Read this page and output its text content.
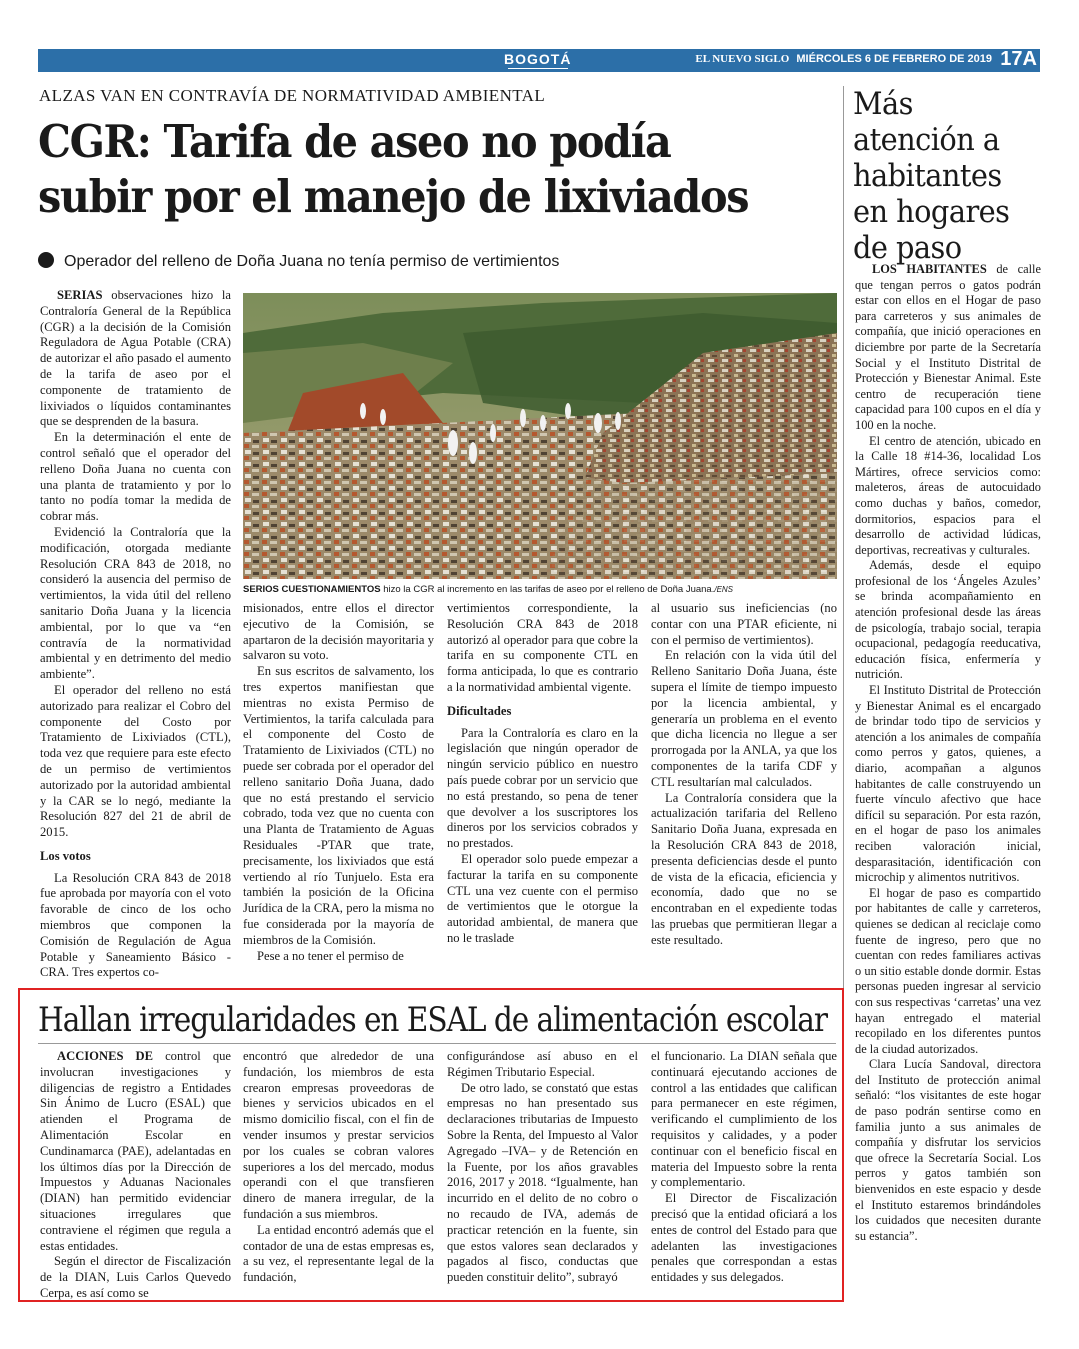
BOGOTÁ	EL NUEVO SIGLO MIÉRCOLES 6 DE FEBRERO DE 2019 17A
ALZAS VAN EN CONTRAVÍA DE NORMATIVIDAD AMBIENTAL
CGR: Tarifa de aseo no podía subir por el manejo de lixiviados
Operador del relleno de Doña Juana no tenía permiso de vertimientos

SERIAS observaciones hizo la Contraloría General de la República (CGR) a la decisión de la Comisión Reguladora de Agua Potable (CRA) de autorizar el año pasado el aumento de la tarifa de aseo por el componente de tratamiento de lixiviados o líquidos contaminantes que se desprenden de la basura.

En la determinación el ente de control señaló que el operador del relleno Doña Juana no cuenta con una planta de tratamiento y por lo tanto no podía tomar la medida de cobrar más.

Evidenció la Contraloría que la modificación, otorgada mediante Resolución CRA 843 de 2018, no consideró la ausencia del permiso de vertimientos, la vida útil del relleno sanitario Doña Juana y la licencia ambiental, por lo que va “en contravía de la normatividad ambiental y en detrimento del medio ambiente”.

El operador del relleno no está autorizado para realizar el Cobro del componente del Costo por Tratamiento de Lixiviados (CTL), toda vez que requiere para este efecto de un permiso de vertimientos autorizado por la autoridad ambiental y la CAR se lo negó, mediante la Resolución 827 del 21 de abril de 2015.

Los votos

La Resolución CRA 843 de 2018 fue aprobada por mayoría con el voto favorable de cinco de los ocho miembros que componen la Comisión de Regulación de Agua Potable y Saneamiento Básico - CRA. Tres expertos co-

SERIOS CUESTIONAMIENTOS hizo la CGR al incremento en las tarifas de aseo por el relleno de Doña Juana./ENS

misionados, entre ellos el director ejecutivo de la Comisión, se apartaron de la decisión mayoritaria y salvaron su voto.

En sus escritos de salvamento, los tres expertos manifiestan que mientras no exista Permiso de Vertimientos, la tarifa calculada para el componente del Costo de Tratamiento de Lixiviados (CTL) no puede ser cobrada por el operador del relleno sanitario Doña Juana, dado que no está prestando el servicio cobrado, toda vez que no cuenta con una Planta de Tratamiento de Aguas Residuales -PTAR que trate, precisamente, los lixiviados que está vertiendo al río Tunjuelo. Esta era también la posición de la Oficina Jurídica de la CRA, pero la misma no fue considerada por la mayoría de miembros de la Comisión.

Pese a no tener el permiso de

vertimientos correspondiente, la Resolución CRA 843 de 2018 autorizó al operador para que cobre la tarifa en su componente CTL en forma anticipada, lo que es contrario a la normatividad ambiental vigente.

Dificultades

Para la Contraloría es claro en la legislación que ningún operador de ningún servicio público en nuestro país puede cobrar por un servicio que no está prestando, so pena de tener que devolver a los suscriptores los dineros por los servicios cobrados y no prestados.

El operador solo puede empezar a facturar la tarifa en su componente CTL una vez cuente con el permiso de vertimientos que le otorgue la autoridad ambiental, de manera que no le traslade

al usuario sus ineficiencias (no contar con una PTAR eficiente, ni con el permiso de vertimientos).

En relación con la vida útil del Relleno Sanitario Doña Juana, éste supera el límite de tiempo impuesto por la licencia ambiental, y generaría un problema en el evento que dicha licencia no llegue a ser prorrogada por la ANLA, ya que los componentes de la tarifa CDF y CTL resultarían mal calculados.

La Contraloría considera que la actualización tarifaria del Relleno Sanitario Doña Juana, expresada en la Resolución CRA 843 de 2018, presenta deficiencias desde el punto de vista de la eficacia, eficiencia y economía, dado que no se encontraban en el expediente todas las pruebas que permitieran llegar a este resultado.

Más atención a habitantes en hogares de paso

LOS HABITANTES de calle que tengan perros o gatos podrán estar con ellos en el Hogar de paso para carreteros y sus animales de compañía, que inició operaciones en diciembre por parte de la Secretaría Social y el Instituto Distrital de Protección y Bienestar Animal. Este centro de recuperación tiene capacidad para 100 cupos en el día y 100 en la noche.

El centro de atención, ubicado en la Calle 18 #14-36, localidad Los Mártires, ofrece servicios como: maleteros, áreas de autocuidado como duchas y baños, comedor, dormitorios, espacios para el desarrollo de actividad lúdicas, deportivas, recreativas y culturales.

Además, desde el equipo profesional de los ‘Ángeles Azules’ se brinda acompañamiento en atención profesional desde las áreas de psicología, trabajo social, terapia ocupacional, pedagogía reeducativa, educación física, enfermería y nutrición.

El Instituto Distrital de Protección y Bienestar Animal es el encargado de brindar todo tipo de servicios y atención a los animales de compañía como perros y gatos, quienes, a diario, acompañan a algunos habitantes de calle construyendo un fuerte vínculo afectivo que hace difícil su separación. Por esta razón, en el hogar de paso los animales reciben valoración inicial, desparasitación, identificación con microchip y alimentos nutritivos.

El hogar de paso es compartido por habitantes de calle y carreteros, quienes se dedican al reciclaje como fuente de ingreso, pero que no cuentan con redes familiares activas o un sitio estable donde dormir. Estas personas pueden ingresar al servicio con sus respectivas ‘carretas’ una vez hayan entregado el material recopilado en los diferentes puntos de la ciudad autorizados.

Clara Lucía Sandoval, directora del Instituto de protección animal señaló: “los visitantes de este hogar de paso podrán sentirse como en familia junto a sus animales de compañía y disfrutar los servicios que ofrece la Secretaría Social. Los perros y gatos también son bienvenidos en este espacio y desde el Instituto estaremos brindándoles los cuidados que necesiten durante su estancia”.

Hallan irregularidades en ESAL de alimentación escolar

ACCIONES DE control que involucran investigaciones y diligencias de registro a Entidades Sin Ánimo de Lucro (ESAL) que atienden el Programa de Alimentación Escolar en Cundinamarca (PAE), adelantadas en los últimos días por la Dirección de Impuestos y Aduanas Nacionales (DIAN) han permitido evidenciar situaciones irregulares que contraviene el régimen que regula a estas entidades.

Según el director de Fiscalización de la DIAN, Luis Carlos Quevedo Cerpa, es así como se

encontró que alrededor de una fundación, los miembros de esta crearon empresas proveedoras de bienes y servicios ubicados en el mismo domicilio fiscal, con el fin de vender insumos y prestar servicios por los cuales se cobran valores superiores a los del mercado, modus operandi con el que transfieren dinero de manera irregular, de la fundación a sus miembros.

La entidad encontró además que el contador de una de estas empresas es, a su vez, el representante legal de la fundación,

configurándose así abuso en el Régimen Tributario Especial.

De otro lado, se constató que estas empresas no han presentado sus declaraciones tributarias de Impuesto Sobre la Renta, del Impuesto al Valor Agregado –IVA– y de Retención en la Fuente, por los años gravables 2016, 2017 y 2018. “Igualmente, han incurrido en el delito de no cobro o no recaudo de IVA, además de practicar retención en la fuente, sin que estos valores sean declarados y pagados al fisco, conductas que pueden constituir delito”, subrayó

el funcionario. La DIAN señala que continuará ejecutando acciones de control a las entidades que califican para permanecer en este régimen, verificando el cumplimiento de los requisitos y calidades, y a poder continuar con el beneficio fiscal en materia del Impuesto sobre la renta y complementario.

El Director de Fiscalización precisó que la entidad oficiará a los entes de control del Estado para que adelanten las investigaciones penales que correspondan a estas entidades y sus delegados.
